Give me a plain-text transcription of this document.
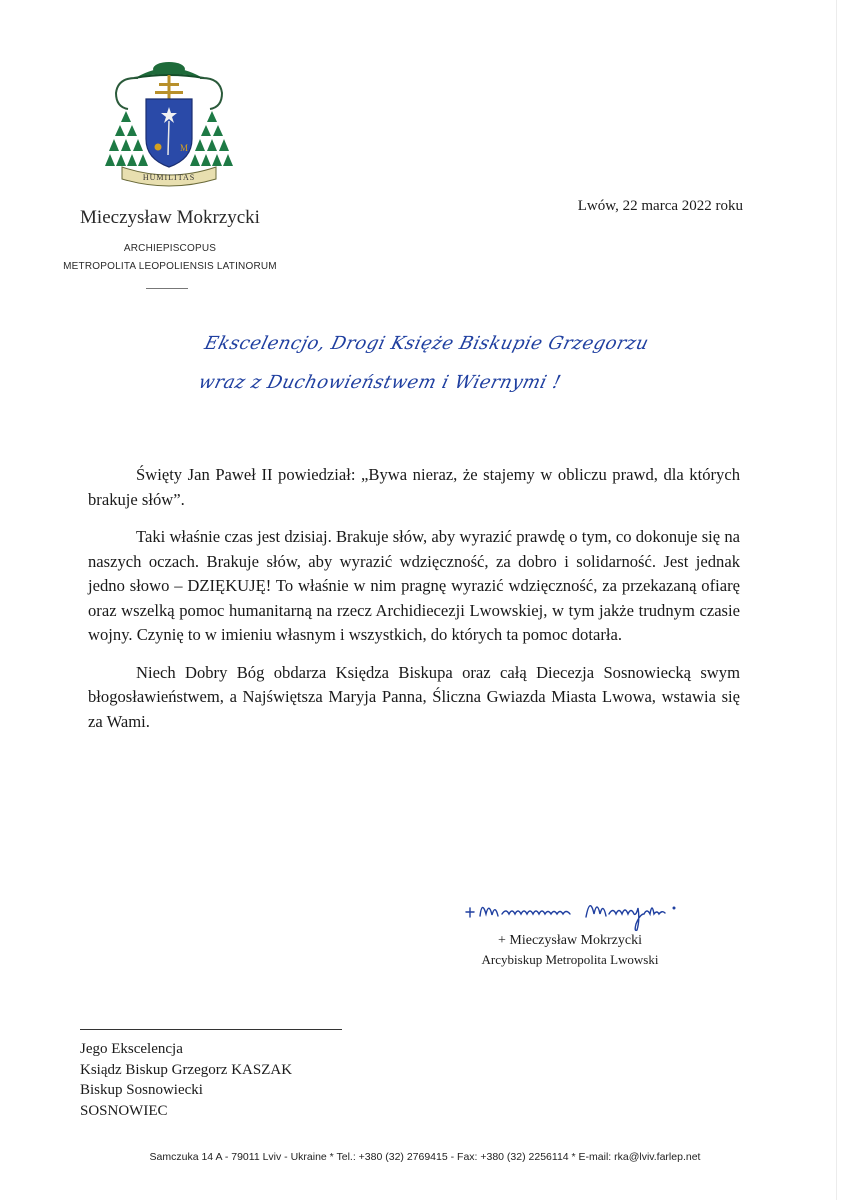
M
HUMILITAS
Mieczysław Mokrzycki
ARCHIEPISCOPUS
METROPOLITA LEOPOLIENSIS LATINORUM
Lwów, 22 marca 2022 roku
Ekscelencjo, Drogi Księże Biskupie Grzegorzu
wraz z Duchowieństwem i Wiernymi !

Święty Jan Paweł II powiedział: „Bywa nieraz, że stajemy w obliczu prawd, dla których brakuje słów”.

Taki właśnie czas jest dzisiaj. Brakuje słów, aby wyrazić prawdę o tym, co dokonuje się na naszych oczach. Brakuje słów, aby wyrazić wdzięczność, za dobro i solidarność. Jest jednak jedno słowo – DZIĘKUJĘ! To właśnie w nim pragnę wyrazić wdzięczność, za przekazaną ofiarę oraz wszelką pomoc humanitarną na rzecz Archidiecezji Lwowskiej, w tym jakże trudnym czasie wojny. Czynię to w imieniu własnym i wszystkich, do których ta pomoc dotarła.

Niech Dobry Bóg obdarza Księdza Biskupa oraz całą Diecezja Sosnowiecką swym błogosławieństwem, a Najświętsza Maryja Panna, Śliczna Gwiazda Miasta Lwowa, wstawia się za Wami.

+ Mieczysław Mokrzycki
Arcybiskup Metropolita Lwowski
Jego Ekscelencja
Ksiądz Biskup Grzegorz KASZAK
Biskup Sosnowiecki
SOSNOWIEC
Samczuka 14 A - 79011 Lviv - Ukraine * Tel.: +380 (32) 2769415 - Fax: +380 (32) 2256114 * E-mail: rka@lviv.farlep.net
